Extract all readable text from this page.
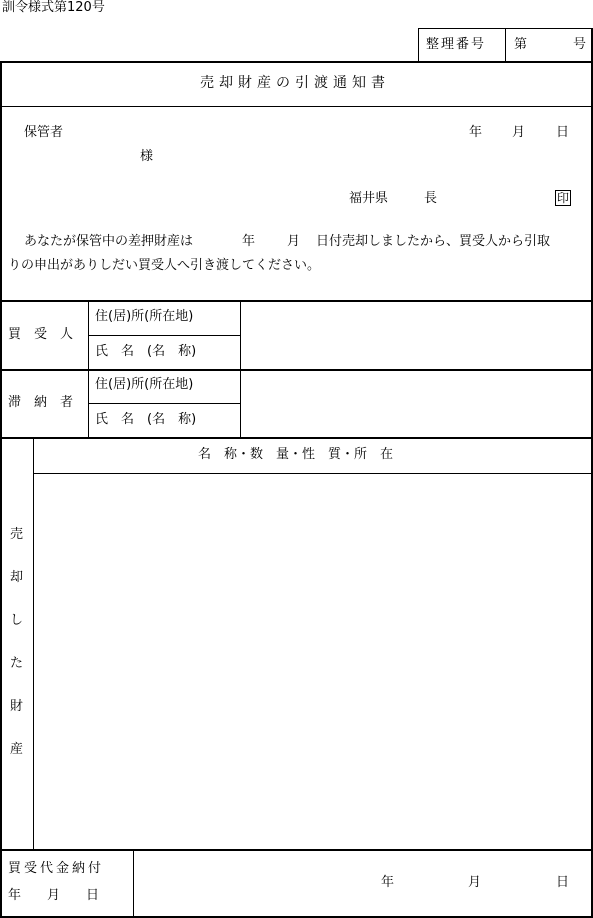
訓令様式第120号
整理番号 第	号
売却財産の引渡通知書
保管者	年 月 日
様
福井県	長	印
あなたが保管中の差押財産は	年 月 日付売却しましたから、買受人から引取
りの申出がありしだい買受人へ引き渡してください。
買　受　人
住(居)所(所在地)
氏　名　(名　称)
滞　納　者
住(居)所(所在地)
氏　名　(名　称)
名　称・数　量・性　質・所　在
売
却
し
た
財
産
買受代金納付
年　　月　　日
年	月	日
